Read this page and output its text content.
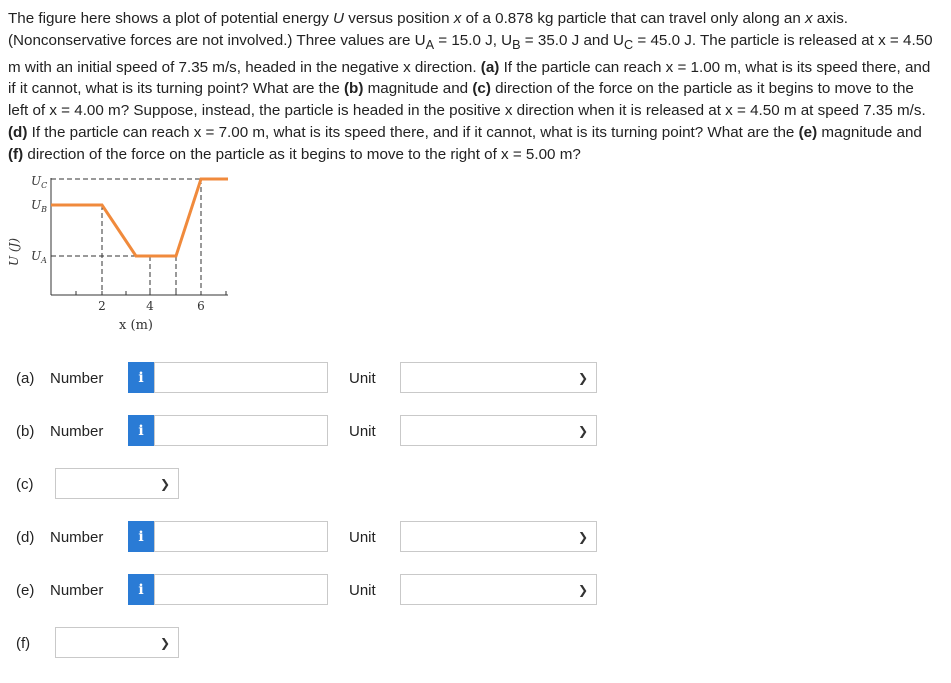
The figure here shows a plot of potential energy U versus position x of a 0.878 kg particle that can travel only along an x axis. (Nonconservative forces are not involved.) Three values are $U_A = 15.0$ J, $U_B = 35.0$ J and $U_C = 45.0$ J. The particle is released at x = 4.50 m with an initial speed of 7.35 m/s, headed in the negative x direction. (a) If the particle can reach x = 1.00 m, what is its speed there, and if it cannot, what is its turning point? What are the (b) magnitude and (c) direction of the force on the particle as it begins to move to the left of x = 4.00 m? Suppose, instead, the particle is headed in the positive x direction when it is released at x = 4.50 m at speed 7.35 m/s. (d) If the particle can reach x = 7.00 m, what is its speed there, and if it cannot, what is its turning point? What are the (e) magnitude and (f) direction of the force on the particle as it begins to move to the right of x = 5.00 m?
U (J)
$U_C$
$U_B$
$U_A$
2	4	6
x (m)
(a)	Number	i	Unit	❯
(b)	Number	i	Unit	❯
(c)	❯
(d)	Number	i	Unit	❯
(e)	Number	i	Unit	❯
(f)	❯
